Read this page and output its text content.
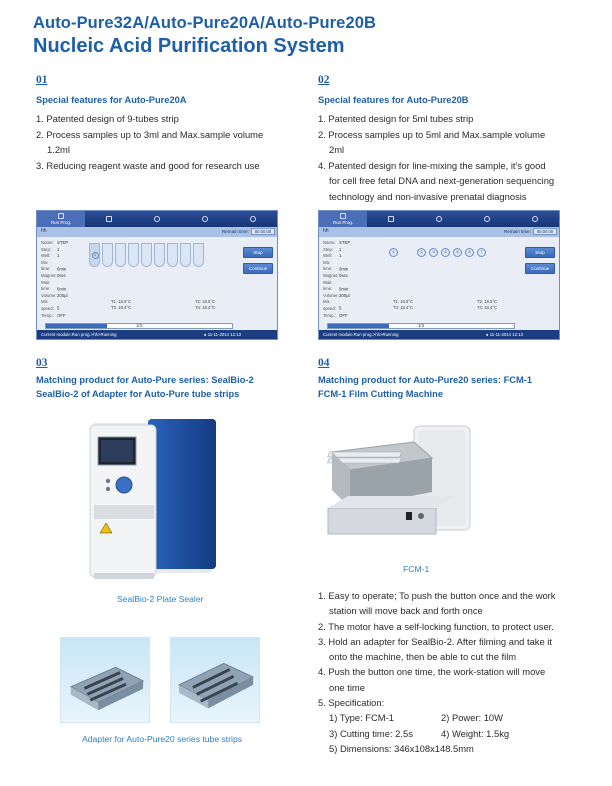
Auto-Pure32A/Auto-Pure20A/Auto-Pure20B
Nucleic Acid Purification System
01
Special features for Auto-Pure20A
1. Patented design of 9-tubes strip
2. Process samples up to 3ml and Max.sample volume
1.2ml
3. Reducing reagent waste and good for research use
02
Special features for Auto-Pure20B
1. Patented design for 5ml tubes strip
2. Process samples up to 5ml and Max.sample volume
2ml
4. Patented design for line-mixing the sample, it’s good
for cell free fetal DNA and next-generation sequencing
technology and non-invasive prenatal diagnosis
Run Prog.
hh	Remain time:	00:00:00
Name: STEP
Step: 1
Well: 1
Mix time: 0min
Magnet:0sec
Wait time: 0min
Volume:200µl
Mix speed: 5
Temp.: OFF
1
T1: 18.5°C
T3: 18.4°C
T2: 18.5°C
T4: 18.4°C
Stop
Continue
1/3
Current module:Run prog.>hh>Running	● 11-11-2014 12:13
Run Prog.
hh	Remain time:	00:00:00
Name: STEP
Step: 1
Well: 1
Mix time: 0min
Magnet:0sec
Wait time: 0min
Volume:200µl
Mix speed: 5
Temp.: OFF
1	2	3	4	5	6	7
T1: 18.5°C
T3: 18.4°C
T2: 18.5°C
T4: 18.4°C
Stop
Continue
1/3
Current module:Run prog.>hh>Running	● 11-11-2014 12:13
03
Matching product for Auto-Pure series: SealBio-2
SealBio-2 of Adapter for Auto-Pure tube strips
SealBio-2 Plate Sealer
Adapter for Auto-Pure20 series tube strips
04
Matching product for Auto-Pure20 series: FCM-1
FCM-1 Film Cutting Machine
FCM-1
1. Easy to operate; To push the button once and the work
station will move back and forth once
2. The motor have a self-locking function, to protect user.
3. Hold an adapter for SealBio-2. After filming and take it
onto the machine, then be able to cut the film
4. Push the button one time, the work-station will move
one time
5. Specification:
1) Type: FCM-1	2) Power: 10W
3) Cutting time: 2.5s	4) Weight: 1.5kg
5) Dimensions: 346x108x148.5mm
